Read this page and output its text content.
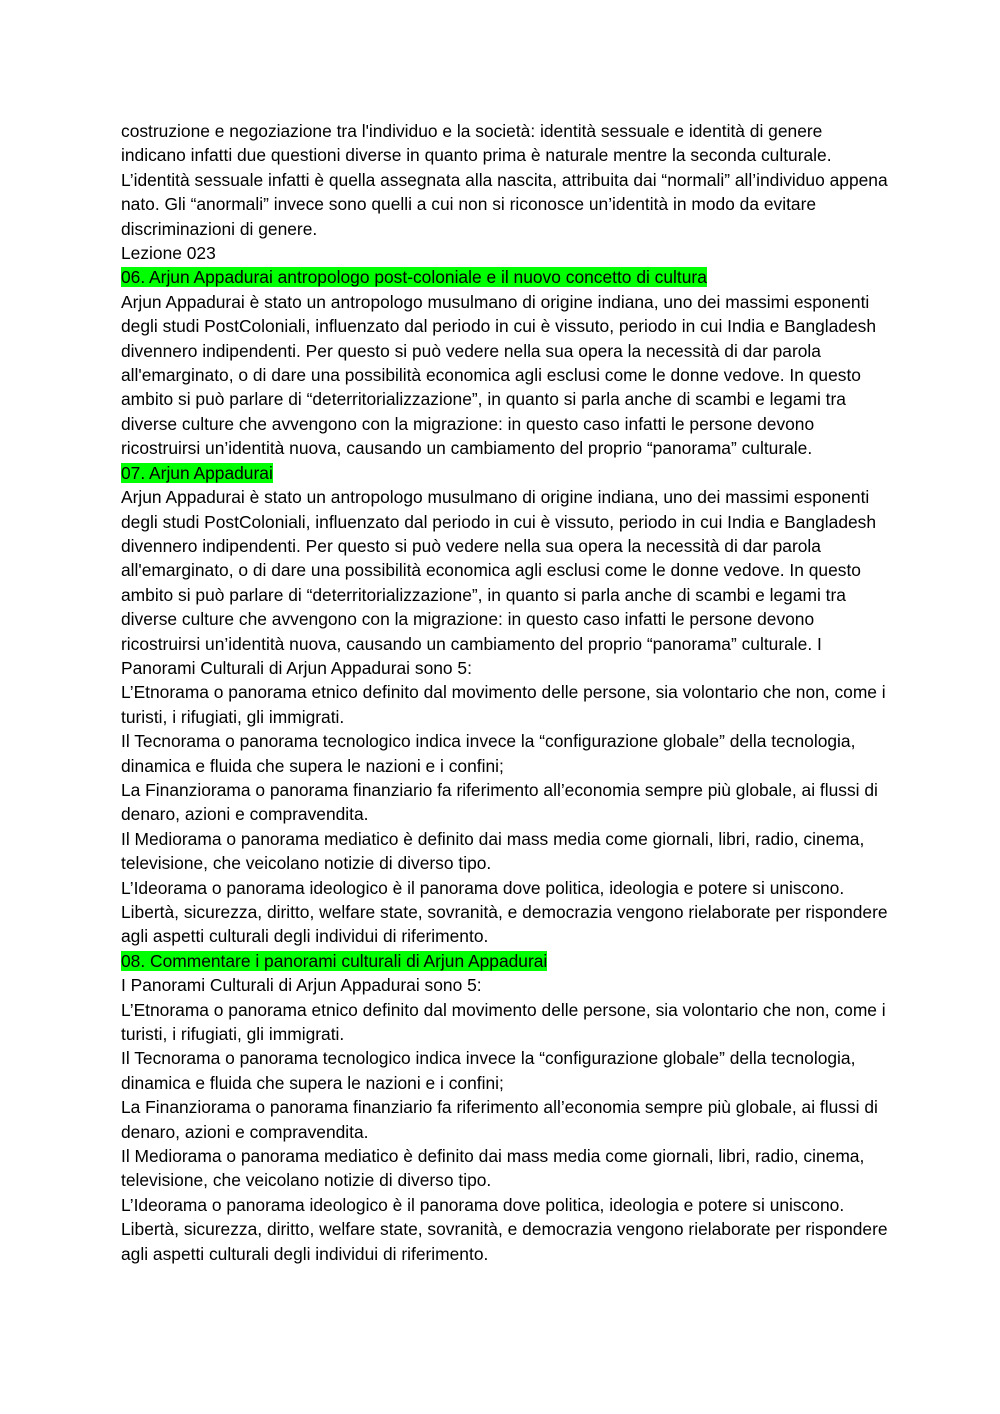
costruzione e negoziazione tra l'individuo e la società: identità sessuale e identità di genere indicano infatti due questioni diverse in quanto prima è naturale mentre la seconda culturale.

L’identità sessuale infatti è quella assegnata alla nascita, attribuita dai “normali” all’individuo appena nato. Gli “anormali” invece sono quelli a cui non si riconosce un’identità in modo da evitare discriminazioni di genere.

Lezione 023

06. Arjun Appadurai antropologo post-coloniale e il nuovo concetto di cultura

Arjun Appadurai è stato un antropologo musulmano di origine indiana, uno dei massimi esponenti degli studi PostColoniali, influenzato dal periodo in cui è vissuto, periodo in cui India e Bangladesh divennero indipendenti. Per questo si può vedere nella sua opera la necessità di dar parola all'emarginato, o di dare una possibilità economica agli esclusi come le donne vedove. In questo ambito si può parlare di “deterritorializzazione”, in quanto si parla anche di scambi e legami tra diverse culture che avvengono con la migrazione: in questo caso infatti le persone devono ricostruirsi un’identità nuova, causando un cambiamento del proprio “panorama” culturale.

07. Arjun Appadurai

Arjun Appadurai è stato un antropologo musulmano di origine indiana, uno dei massimi esponenti degli studi PostColoniali, influenzato dal periodo in cui è vissuto, periodo in cui India e Bangladesh divennero indipendenti. Per questo si può vedere nella sua opera la necessità di dar parola all'emarginato, o di dare una possibilità economica agli esclusi come le donne vedove. In questo ambito si può parlare di “deterritorializzazione”, in quanto si parla anche di scambi e legami tra diverse culture che avvengono con la migrazione: in questo caso infatti le persone devono ricostruirsi un’identità nuova, causando un cambiamento del proprio “panorama” culturale. I Panorami Culturali di Arjun Appadurai sono 5:

L’Etnorama o panorama etnico definito dal movimento delle persone, sia volontario che non, come i turisti, i rifugiati, gli immigrati.

Il Tecnorama o panorama tecnologico indica invece la “configurazione globale” della tecnologia, dinamica e fluida che supera le nazioni e i confini;

La Finanziorama o panorama finanziario fa riferimento all’economia sempre più globale, ai flussi di denaro, azioni e compravendita.

Il Mediorama o panorama mediatico è definito dai mass media come giornali, libri, radio, cinema, televisione, che veicolano notizie di diverso tipo.

L’Ideorama o panorama ideologico è il panorama dove politica, ideologia e potere si uniscono. Libertà, sicurezza, diritto, welfare state, sovranità, e democrazia vengono rielaborate per rispondere agli aspetti culturali degli individui di riferimento.

08. Commentare i panorami culturali di Arjun Appadurai

I Panorami Culturali di Arjun Appadurai sono 5:

L’Etnorama o panorama etnico definito dal movimento delle persone, sia volontario che non, come i turisti, i rifugiati, gli immigrati.

Il Tecnorama o panorama tecnologico indica invece la “configurazione globale” della tecnologia, dinamica e fluida che supera le nazioni e i confini;

La Finanziorama o panorama finanziario fa riferimento all’economia sempre più globale, ai flussi di denaro, azioni e compravendita.

Il Mediorama o panorama mediatico è definito dai mass media come giornali, libri, radio, cinema, televisione, che veicolano notizie di diverso tipo.

L’Ideorama o panorama ideologico è il panorama dove politica, ideologia e potere si uniscono. Libertà, sicurezza, diritto, welfare state, sovranità, e democrazia vengono rielaborate per rispondere agli aspetti culturali degli individui di riferimento.
